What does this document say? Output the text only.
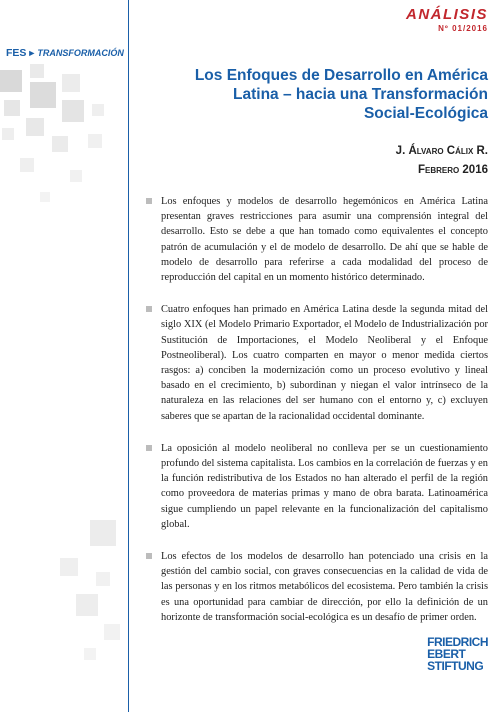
ANÁLISIS
Nº 01/2016
FES ► TRANSFORMACIÓN
Los Enfoques de Desarrollo en América
Latina – hacia una Transformación
Social-Ecológica
J. Álvaro Cálix R.
Febrero 2016
Los enfoques y modelos de desarrollo hegemónicos en América Latina presentan graves restricciones para asumir una comprensión integral del desarrollo. Esto se debe a que han tomado como equivalentes el concepto patrón de acumulación y el de modelo de desarrollo. De ahí que se hable de modelo de desarrollo para referirse a cada modalidad del proceso de reproducción del capital en un momento histórico determinado.
Cuatro enfoques han primado en América Latina desde la segunda mitad del siglo XIX (el Modelo Primario Exportador, el Modelo de Industrialización por Sustitución de Importaciones, el Modelo Neoliberal y el Enfoque Postneoliberal). Los cuatro comparten en mayor o menor medida ciertos rasgos: a) conciben la modernización como un proceso evolutivo y lineal basado en el crecimiento, b) subordinan y niegan el valor intrínseco de la naturaleza en las relaciones del ser humano con el entorno y, c) excluyen saberes que se apartan de la racionalidad occidental dominante.
La oposición al modelo neoliberal no conlleva per se un cuestionamiento profundo del sistema capitalista. Los cambios en la correlación de fuerzas y en la función redistributiva de los Estados no han alterado el perfil de la región como proveedora de materias primas y mano de obra barata. Latinoamérica sigue cumpliendo un papel relevante en la funcionalización del capitalismo global.
Los efectos de los modelos de desarrollo han potenciado una crisis en la gestión del cambio social, con graves consecuencias en la calidad de vida de las personas y en los ritmos metabólicos del ecosistema. Pero también la crisis es una oportunidad para cambiar de dirección, por ello la definición de un horizonte de transformación social-ecológica es un desafío de primer orden.
FRIEDRICH
EBERT
STIFTUNG
